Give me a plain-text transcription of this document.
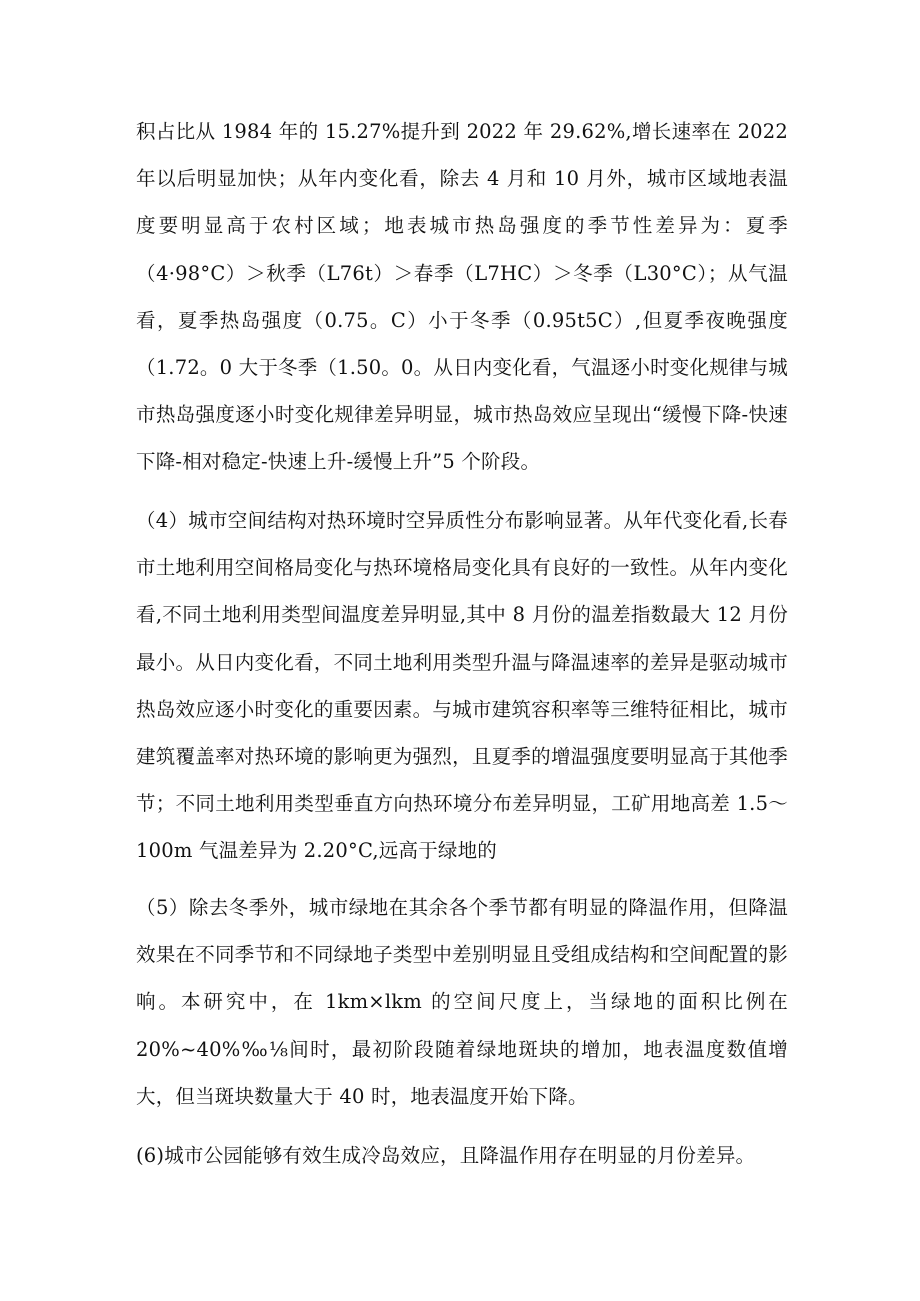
积占比从 1984 年的 15.27%提升到 2022 年 29.62%,增长速率在 2022 年以后明显加快；从年内变化看，除去 4 月和 10 月外，城市区域地表温度要明显高于农村区域；地表城市热岛强度的季节性差异为：夏季（4·98°C）＞秋季（L76t）＞春季（L7HC）＞冬季（L30°C）；从气温看，夏季热岛强度（0.75。C）小于冬季（0.95t5C）,但夏季夜晚强度（1.72。0 大于冬季（1.50。0。从日内变化看，气温逐小时变化规律与城市热岛强度逐小时变化规律差异明显，城市热岛效应呈现出“缓慢下降-快速下降-相对稳定-快速上升-缓慢上升”5 个阶段。

（4）城市空间结构对热环境时空异质性分布影响显著。从年代变化看,长春市土地利用空间格局变化与热环境格局变化具有良好的一致性。从年内变化看,不同土地利用类型间温度差异明显,其中 8 月份的温差指数最大 12 月份最小。从日内变化看，不同土地利用类型升温与降温速率的差异是驱动城市热岛效应逐小时变化的重要因素。与城市建筑容积率等三维特征相比，城市建筑覆盖率对热环境的影响更为强烈，且夏季的增温强度要明显高于其他季节；不同土地利用类型垂直方向热环境分布差异明显，工矿用地高差 1.5～100m 气温差异为 2.20°C,远高于绿地的

（5）除去冬季外，城市绿地在其余各个季节都有明显的降温作用，但降温效果在不同季节和不同绿地子类型中差别明显且受组成结构和空间配置的影响。本研究中，在 1km×lkm 的空间尺度上，当绿地的面积比例在 20%~40%‰⅛间时，最初阶段随着绿地斑块的增加，地表温度数值增大，但当斑块数量大于 40 时，地表温度开始下降。

(6)城市公园能够有效生成冷岛效应，且降温作用存在明显的月份差异。
